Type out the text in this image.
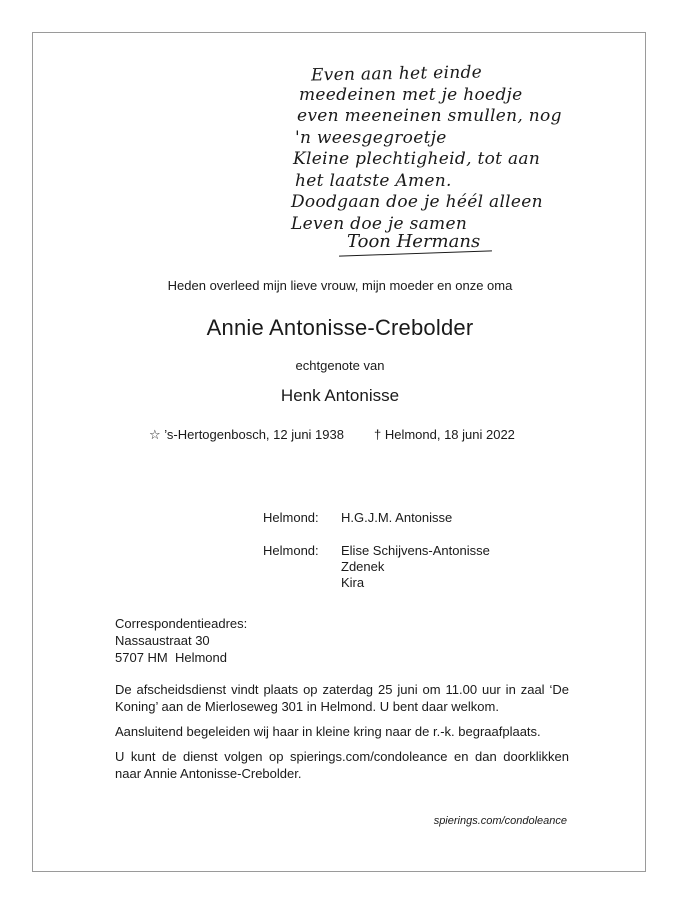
Even aan het einde
meedeinen met je hoedje
even meeneinen smullen, nog
'n weesgegroetje
Kleine plechtigheid, tot aan
het laatste Amen.
Doodgaan doe je héél alleen
Leven doe je samen
Toon Hermans
Heden overleed mijn lieve vrouw, mijn moeder en onze oma
Annie Antonisse-Crebolder
echtgenote van
Henk Antonisse
☆ ’s-Hertogenbosch, 12 juni 1938 † Helmond, 18 juni 2022
Helmond: H.G.J.M. Antonisse
Helmond: Elise Schijvens-Antonisse
Zdenek
Kira
Correspondentieadres:
Nassaustraat 30
5707 HM  Helmond
De afscheidsdienst vindt plaats op zaterdag 25 juni om 11.00 uur in zaal ‘De Koning’ aan de Mierloseweg 301 in Helmond. U bent daar welkom.
Aansluitend begeleiden wij haar in kleine kring naar de r.-k. begraafplaats.
U kunt de dienst volgen op spierings.com/condoleance en dan doorklikken naar Annie Antonisse-Crebolder.
spierings.com/condoleance
